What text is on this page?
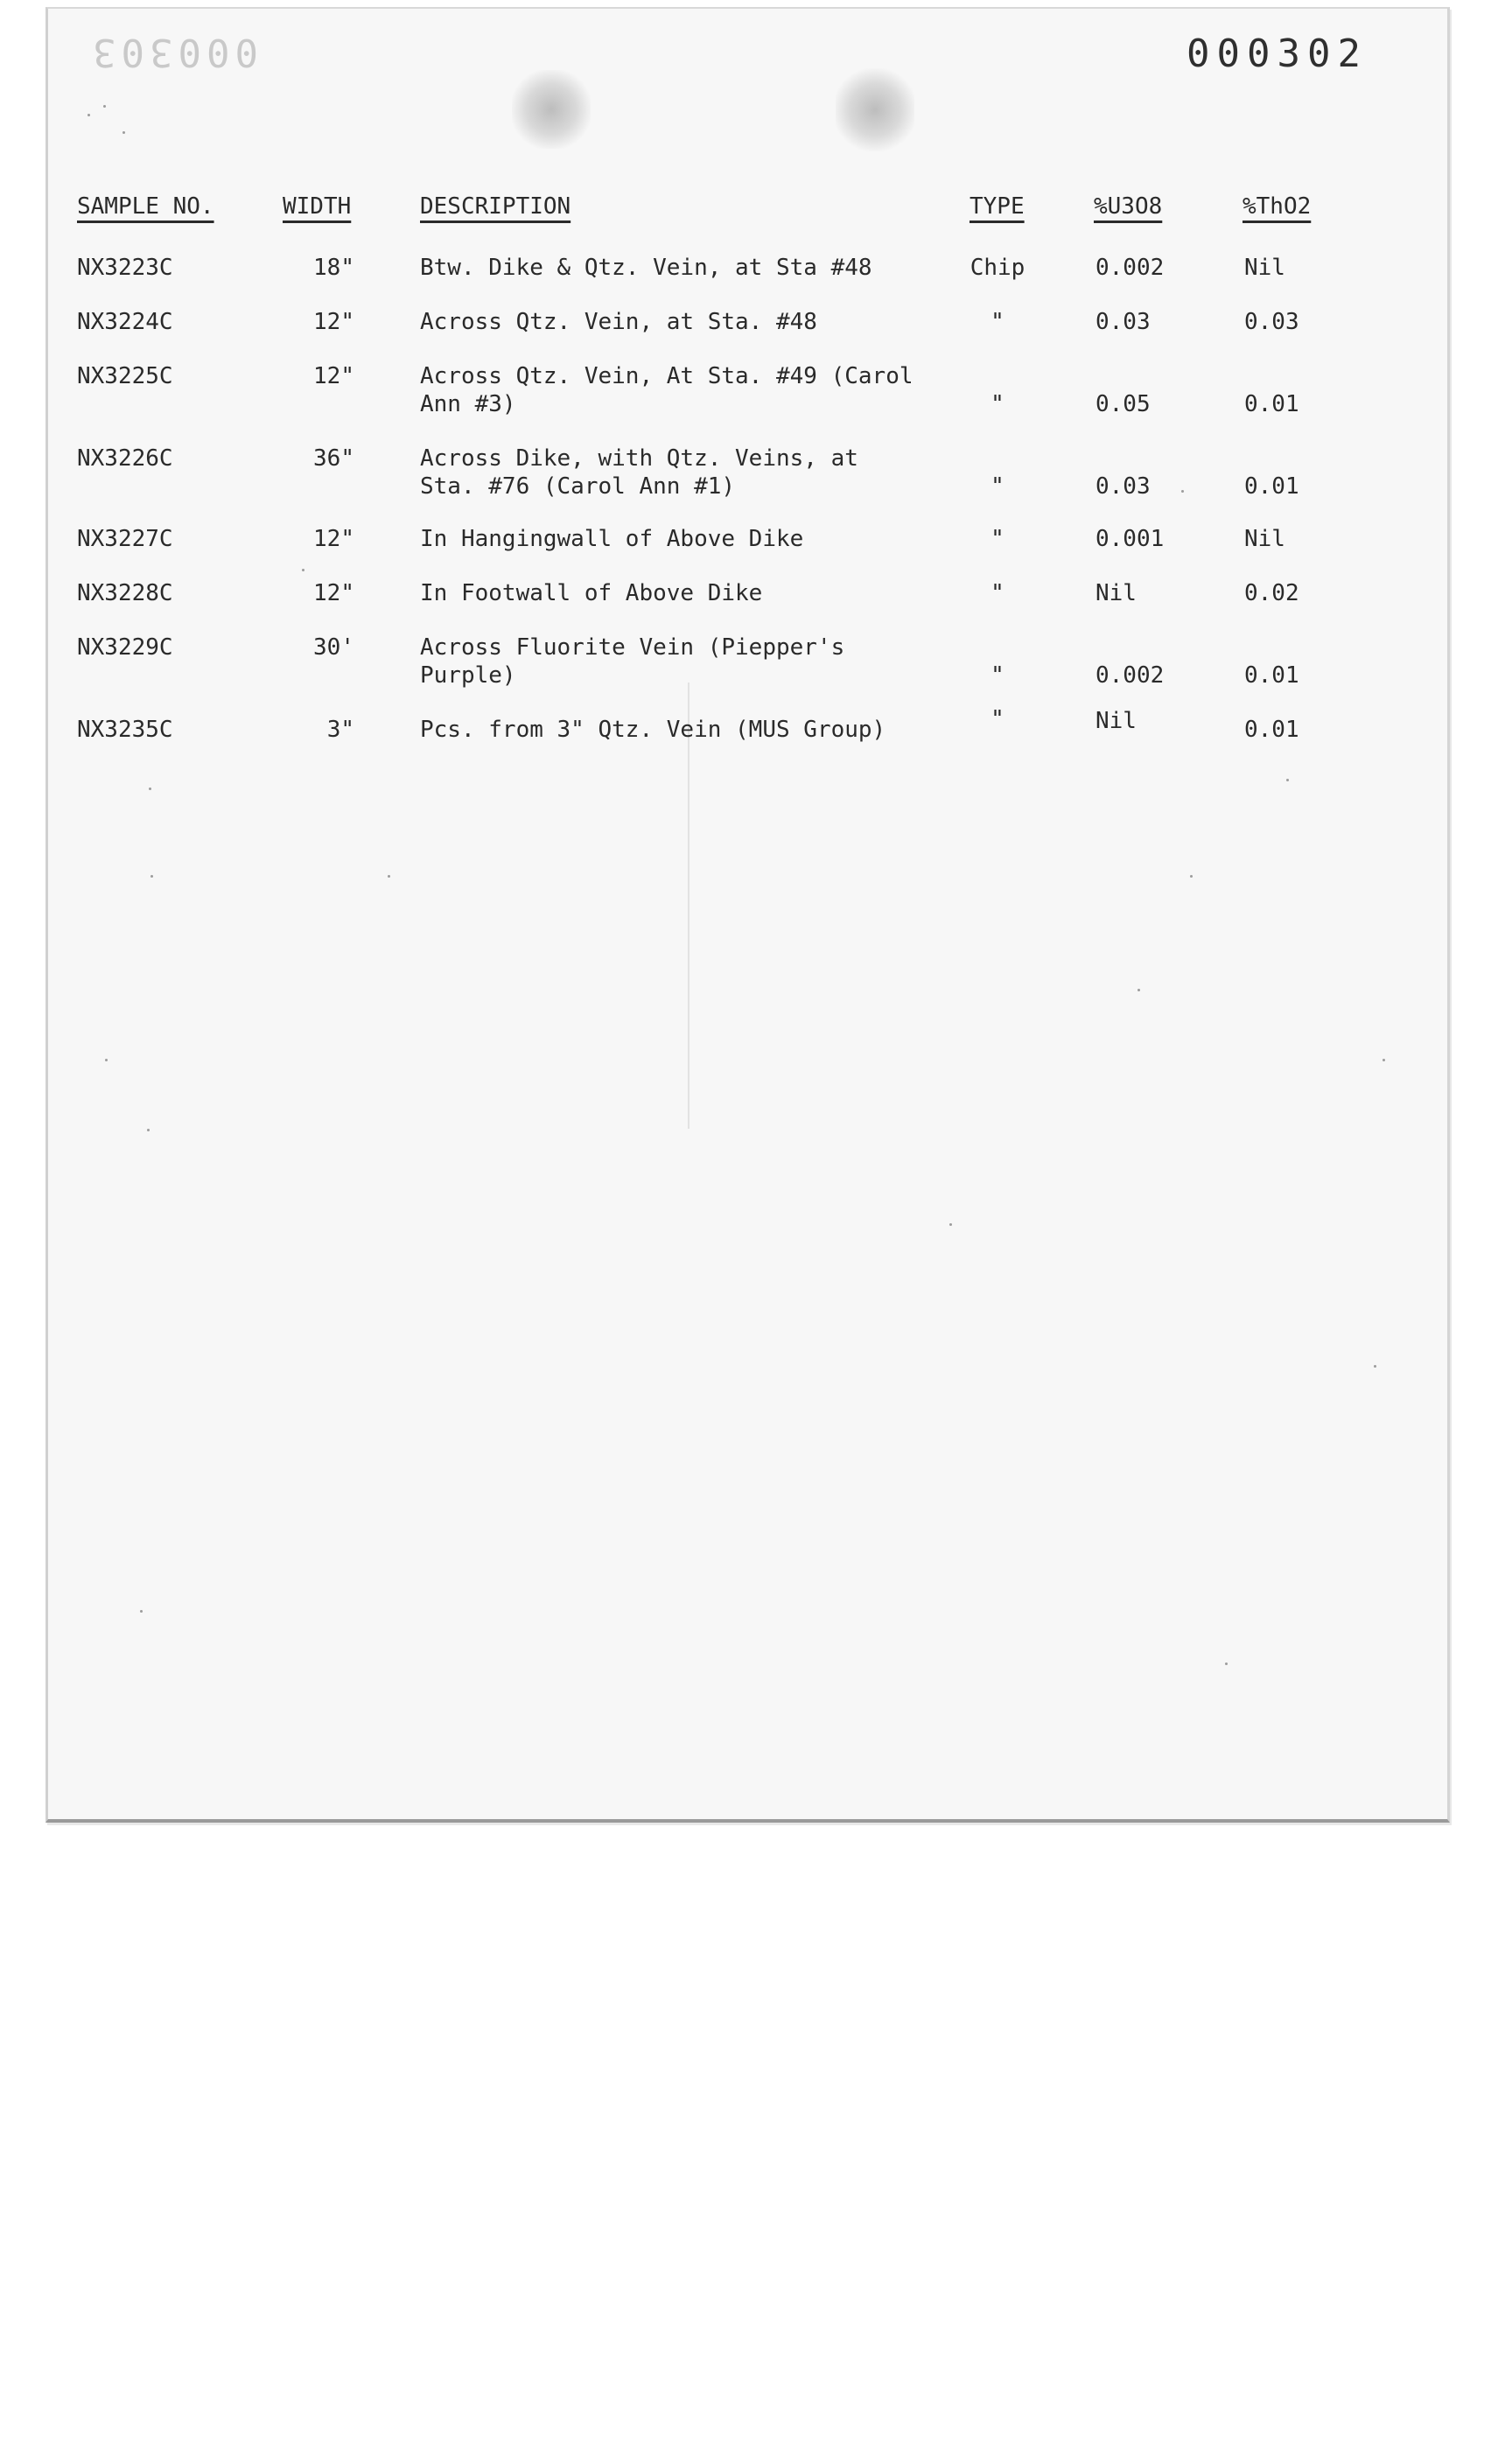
000303	000302
SAMPLE NO.	WIDTH	DESCRIPTION	TYPE	%U3O8	%ThO2
NX3223C	18"	Btw. Dike & Qtz. Vein, at Sta #48	Chip	0.002	Nil
NX3224C	12"	Across Qtz. Vein, at Sta. #48	"	0.03	0.03
NX3225C	12"	Across Qtz. Vein, At Sta. #49 (Carol
Ann #3)	"	0.05	0.01
NX3226C	36"	Across Dike, with Qtz. Veins, at
Sta. #76 (Carol Ann #1)	"	0.03	0.01
NX3227C	12"	In Hangingwall of Above Dike	"	0.001	Nil
NX3228C	12"	In Footwall of Above Dike	"	Nil	0.02
NX3229C	30'	Across Fluorite Vein (Piepper's
Purple)	"	0.002	0.01
NX3235C	3"	Pcs. from 3" Qtz. Vein (MUS Group)	"	Nil	0.01
